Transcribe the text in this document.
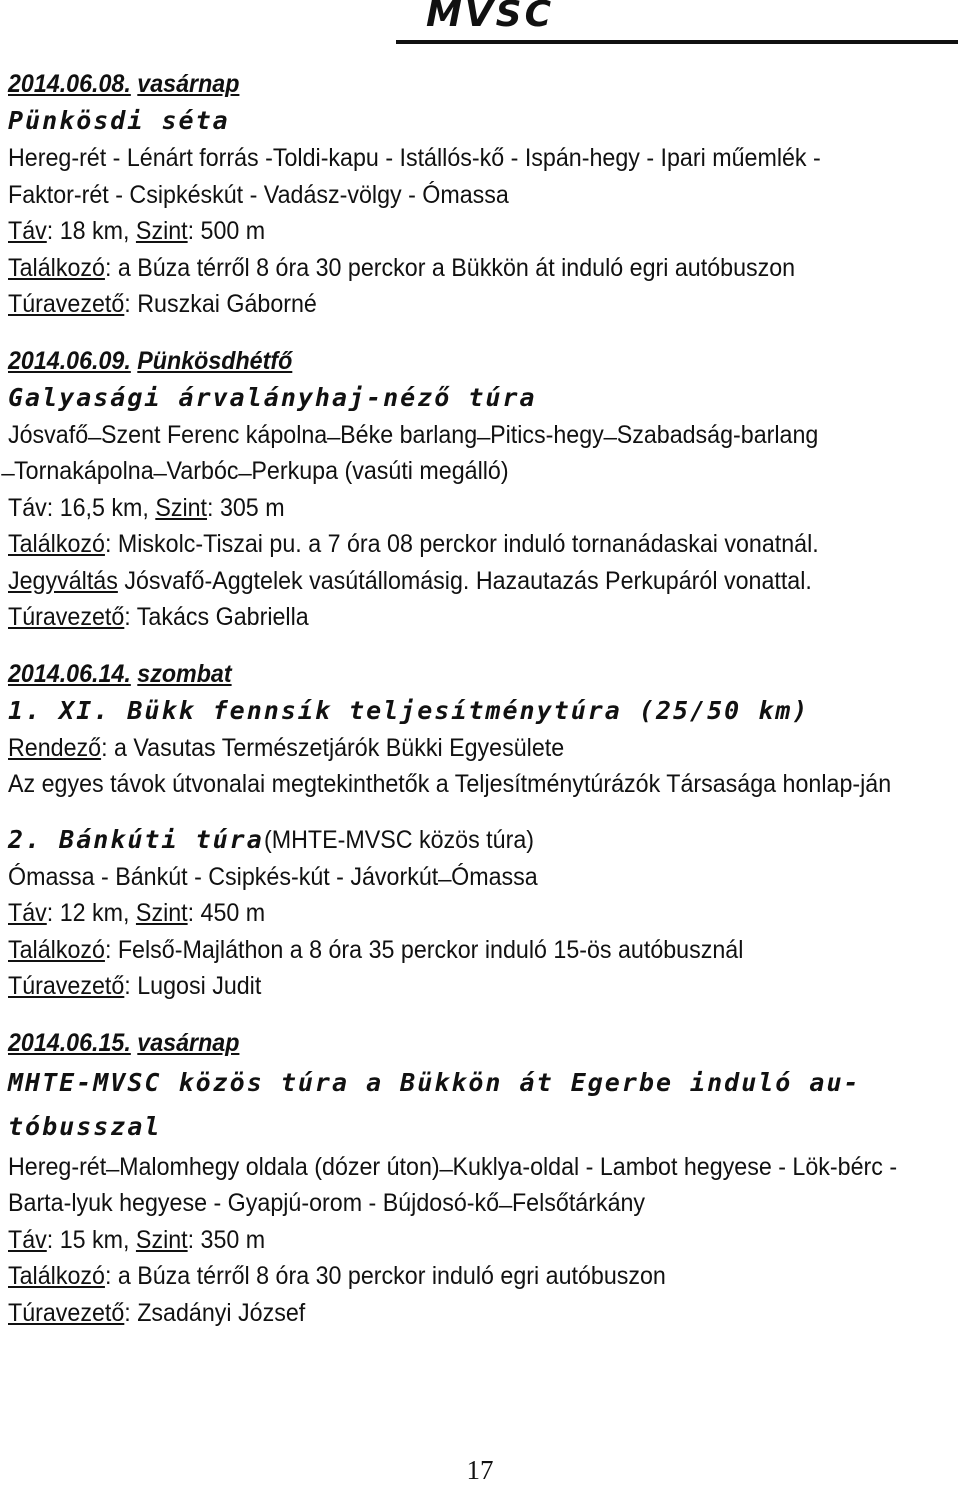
MVSC
2014.06.08. vasárnap
Pünkösdi séta
Hereg-rét - Lénárt forrás -Toldi-kapu - Istállós-kő - Ispán-hegy - Ipari műemlék -
Faktor-rét - Csipkéskút - Vadász-völgy - Ómassa
Táv: 18 km, Szint: 500 m
Találkozó: a Búza térről 8 óra 30 perckor a Bükkön át induló egri autóbuszon
Túravezető: Ruszkai Gáborné
2014.06.09. Pünkösdhétfő
Galyasági árvalányhaj-néző túra
Jósvafő ̶ Szent Ferenc kápolna ̶ Béke barlang ̶ Pitics-hegy ̶ Szabadság-barlang
̶ Tornakápolna ̶ Varbóc ̶ Perkupa (vasúti megálló)
Táv: 16,5 km, Szint: 305 m
Találkozó: Miskolc-Tiszai pu. a 7 óra 08 perckor induló tornanádaskai vonatnál.
Jegyváltás Jósvafő-Aggtelek vasútállomásig. Hazautazás Perkupáról vonattal.
Túravezető: Takács Gabriella
2014.06.14. szombat
1. XI. Bükk fennsík teljesítménytúra (25/50 km)
Rendező: a Vasutas Természetjárók Bükki Egyesülete
Az egyes távok útvonalai megtekinthetők a Teljesítménytúrázók Társasága honlap-ján
2. Bánkúti túra(MHTE-MVSC közös túra)
Ómassa - Bánkút - Csipkés-kút - Jávorkút ̶ Ómassa
Táv: 12 km, Szint: 450 m
Találkozó: Felső-Majláthon a 8 óra 35 perckor induló 15-ös autóbusznál
Túravezető: Lugosi Judit
2014.06.15. vasárnap
MHTE-MVSC közös túra a Bükkön át Egerbe induló au-tóbusszal
Hereg-rét ̶ Malomhegy oldala (dózer úton) ̶ Kuklya-oldal - Lambot hegyese - Lök-bérc - Barta-lyuk hegyese - Gyapjú-orom - Bújdosó-kő ̶ Felsőtárkány
Táv: 15 km, Szint: 350 m
Találkozó: a Búza térről 8 óra 30 perckor induló egri autóbuszon
Túravezető: Zsadányi József
17
